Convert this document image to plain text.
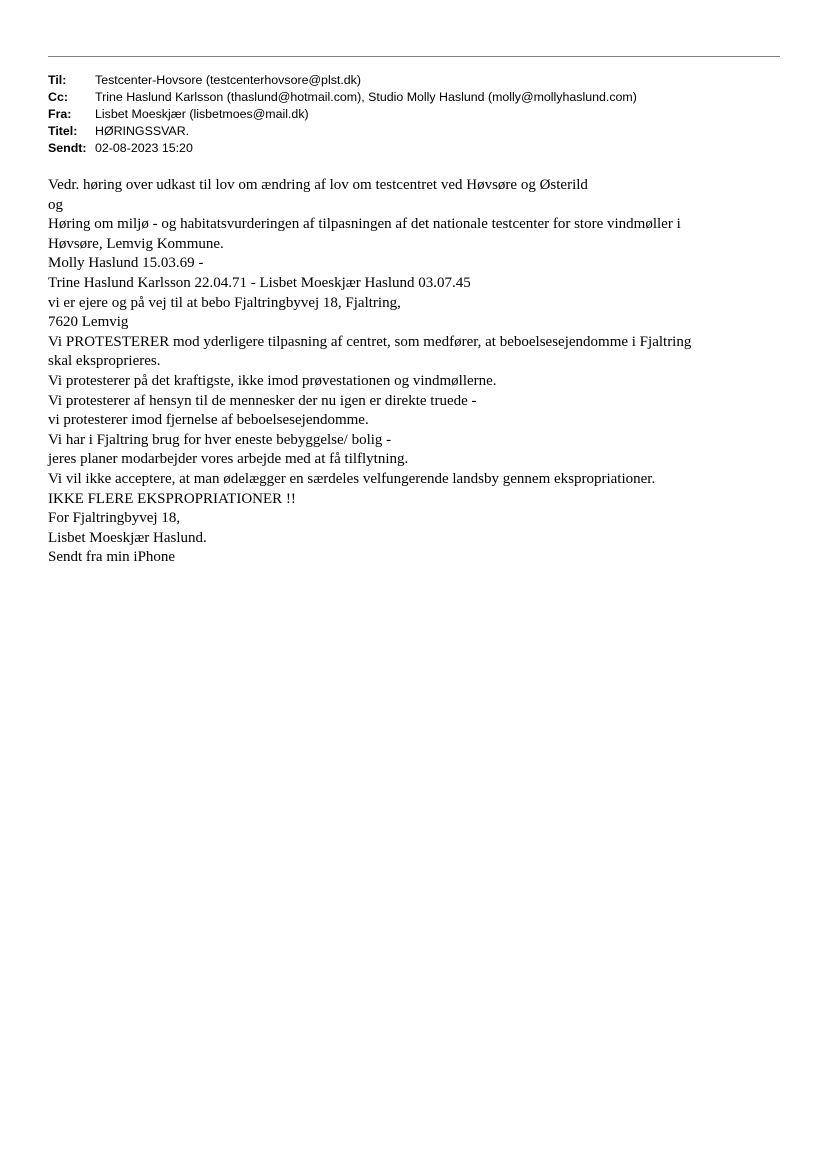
Til:	Testcenter-Hovsore (testcenterhovsore@plst.dk)
Cc:	Trine Haslund Karlsson (thaslund@hotmail.com), Studio Molly Haslund (molly@mollyhaslund.com)
Fra:	Lisbet Moeskjær (lisbetmoes@mail.dk)
Titel:	HØRINGSSVAR.
Sendt: 02-08-2023 15:20

Vedr. høring over udkast til lov om ændring af lov om testcentret ved Høvsøre og Østerild

og

Høring om miljø - og habitatsvurderingen af tilpasningen af det nationale testcenter for store vindmøller i

Høvsøre, Lemvig Kommune.

Molly Haslund 15.03.69 -

Trine Haslund Karlsson 22.04.71 - Lisbet Moeskjær Haslund 03.07.45

vi er ejere og på vej til at bebo Fjaltringbyvej 18, Fjaltring,

7620 Lemvig

Vi PROTESTERER mod yderligere tilpasning af centret, som medfører, at beboelsesejendomme i Fjaltring

skal eksproprieres.

Vi protesterer på det kraftigste, ikke imod prøvestationen og vindmøllerne.

Vi protesterer af hensyn til de mennesker der nu igen er direkte truede -

vi protesterer imod fjernelse af beboelsesejendomme.

Vi har i Fjaltring brug for hver eneste bebyggelse/ bolig -

jeres planer modarbejder vores arbejde med at få tilflytning.

Vi vil ikke acceptere, at man ødelægger en særdeles velfungerende landsby gennem ekspropriationer.

IKKE FLERE EKSPROPRIATIONER !!

For Fjaltringbyvej 18,

Lisbet Moeskjær Haslund.

Sendt fra min iPhone
